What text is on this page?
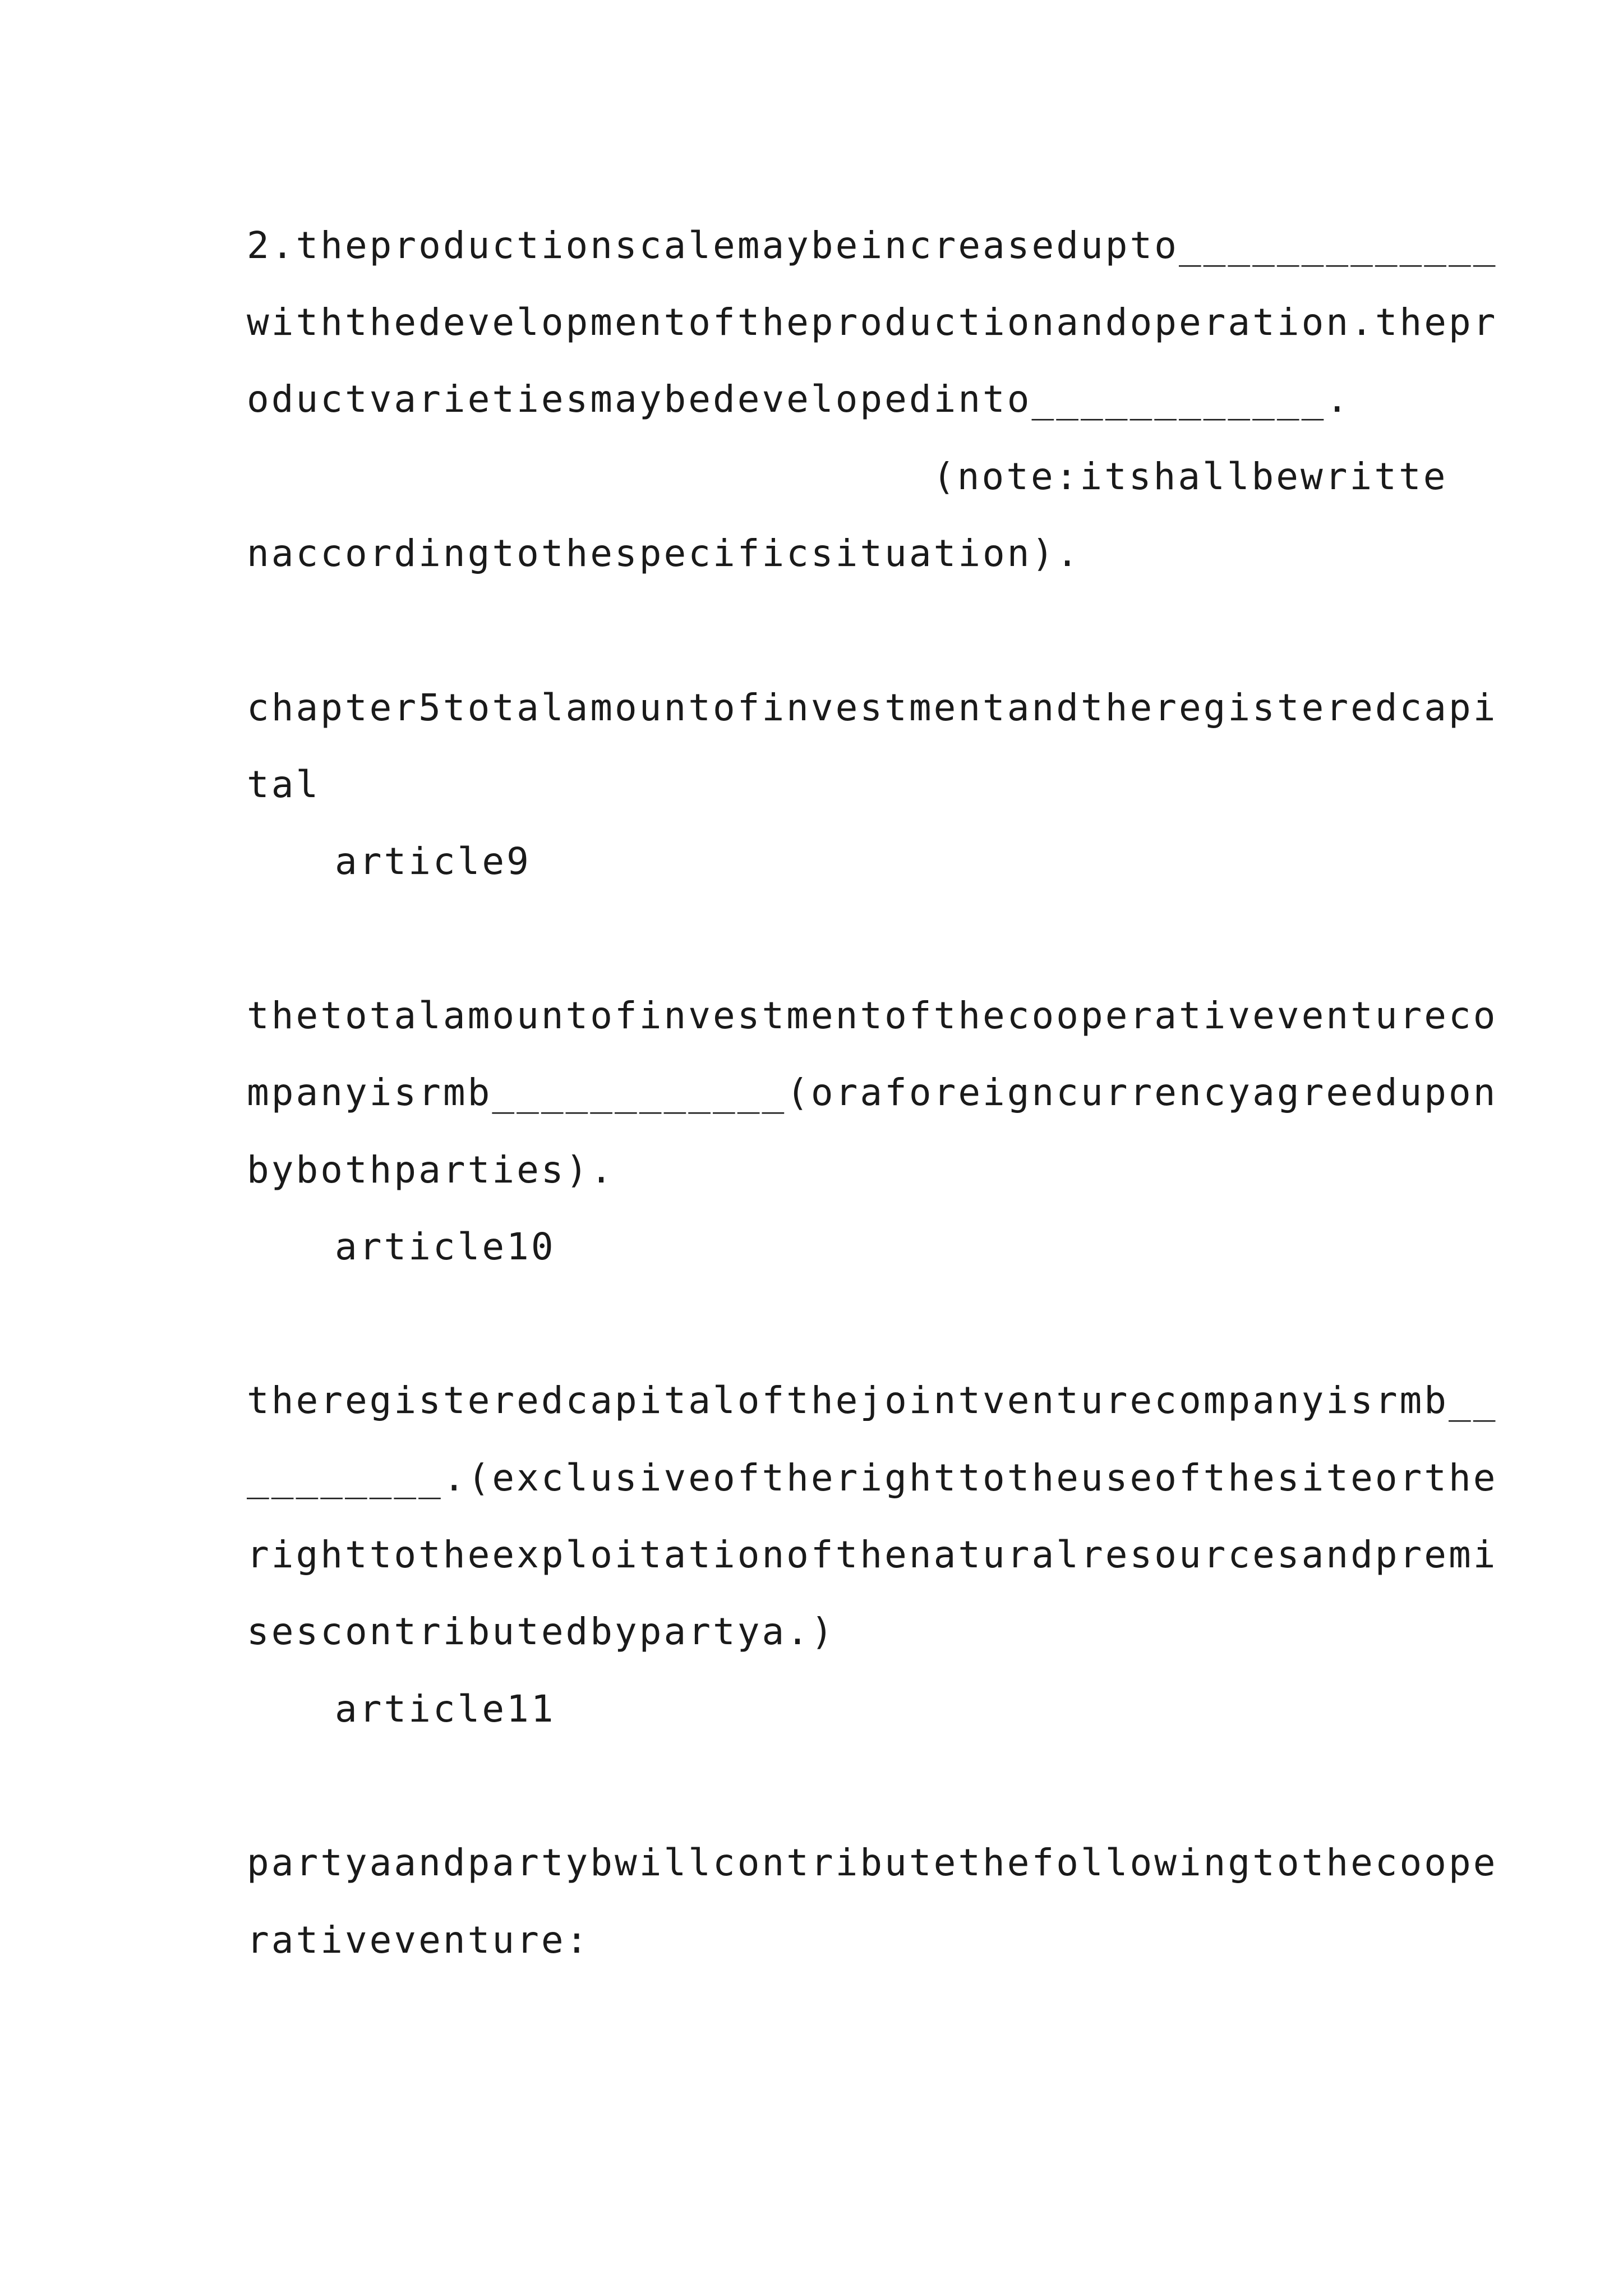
2.theproductionscalemaybeincreasedupto_____________
withthedevelopmentoftheproductionandoperation.thepr
oductvarietiesmaybedevelopedinto____________.
(note:itshallbewritte
naccordingtothespecificsituation).
chapter5totalamountofinvestmentandtheregisteredcapi
tal
article9
thetotalamountofinvestmentofthecooperativeventureco
mpanyisrmb____________(oraforeigncurrencyagreedupon
bybothparties).
article10
theregisteredcapitalofthejointventurecompanyisrmb__
________.(exclusiveoftherighttotheuseofthesiteorthe
righttotheexploitationofthenaturalresourcesandpremi
sescontributedbypartya.)
article11
partyaandpartybwillcontributethefollowingtothecoope
rativeventure:
